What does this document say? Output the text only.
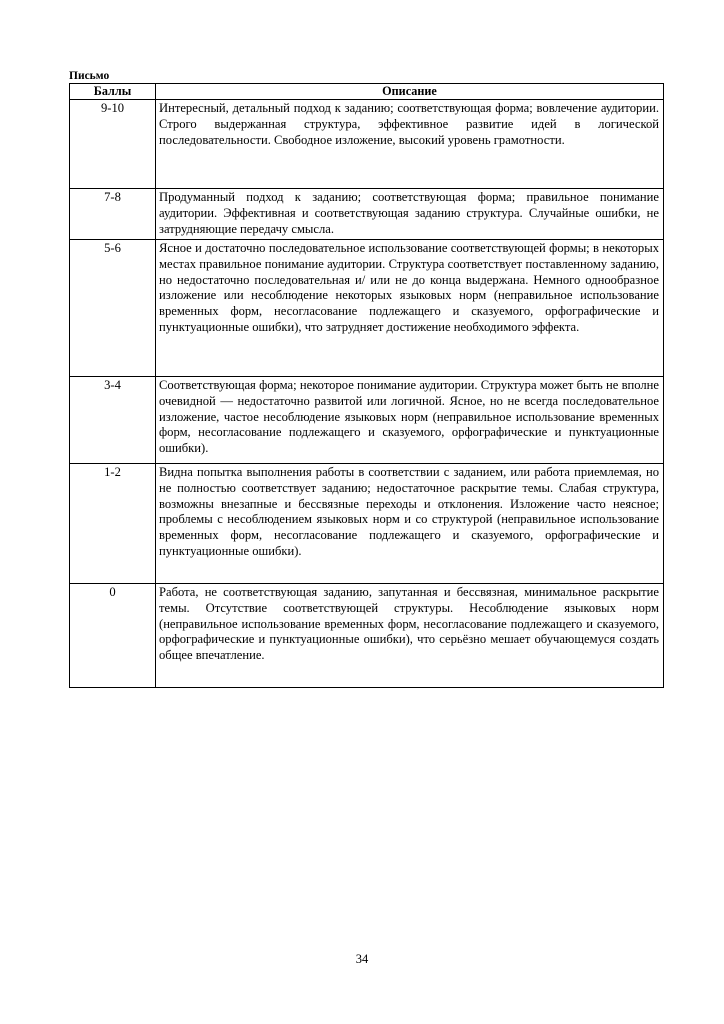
Письмо
Баллы	Описание
9-10	Интересный, детальный подход к заданию; соответствующая форма; вовлечение аудитории. Строго выдержанная структура, эффективное развитие идей в логической последовательности. Свободное изложение, высокий уровень грамотности.
7-8	Продуманный подход к заданию; соответствующая форма; правильное понимание аудитории. Эффективная и соответствующая заданию структура. Случайные ошибки, не затрудняющие передачу смысла.
5-6	Ясное и достаточно последовательное использование соответствующей формы; в некоторых местах правильное понимание аудитории. Структура соответствует поставленному заданию, но недостаточно последовательная и/ или не до конца выдержана. Немного однообразное изложение или несоблюдение некоторых языковых норм (неправильное использование временных форм, несогласование подлежащего и сказуемого, орфографические и пунктуационные ошибки), что затрудняет достижение необходимого эффекта.
3-4	Соответствующая форма; некоторое понимание аудитории. Структура может быть не вполне очевидной — недостаточно развитой или логичной. Ясное, но не всегда последовательное изложение, частое несоблюдение языковых норм (неправильное использование временных форм, несогласование подлежащего и сказуемого, орфографические и пунктуационные ошибки).
1-2	Видна попытка выполнения работы в соответствии с заданием, или работа приемлемая, но не полностью соответствует заданию; недостаточное раскрытие темы. Слабая структура, возможны внезапные и бессвязные переходы и отклонения. Изложение часто неясное; проблемы с несоблюдением языковых норм и со структурой (неправильное использование временных форм, несогласование подлежащего и сказуемого, орфографические и пунктуационные ошибки).
0	Работа, не соответствующая заданию, запутанная и бессвязная, минимальное раскрытие темы. Отсутствие соответствующей структуры. Несоблюдение языковых норм (неправильное использование временных форм, несогласование подлежащего и сказуемого, орфографические и пунктуационные ошибки), что серьёзно мешает обучающемуся создать общее впечатление.
34
